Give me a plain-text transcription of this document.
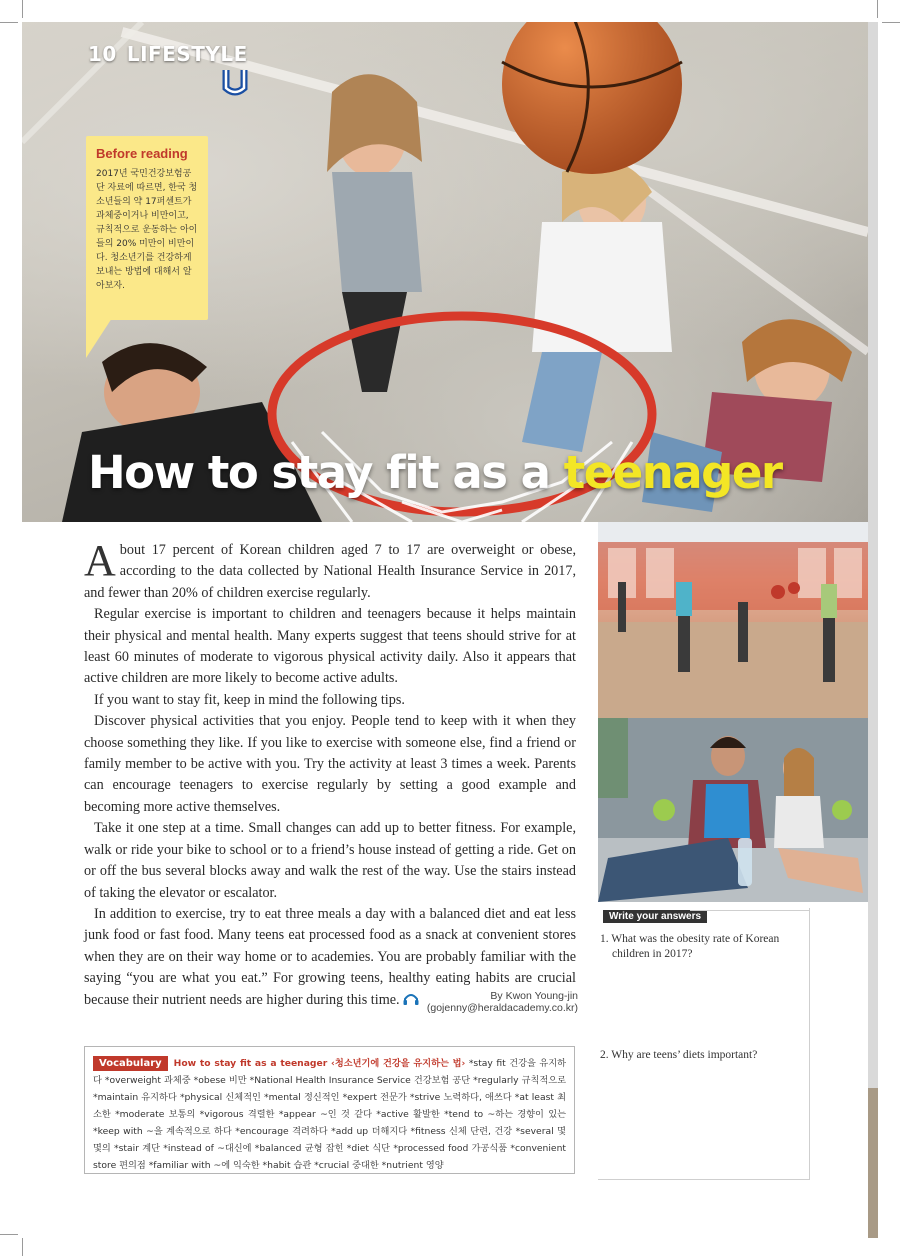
10 LIFESTYLE
Before reading
2017년 국민건강보험공단 자료에 따르면, 한국 청소년들의 약 17퍼센트가 과체중이거나 비만이고, 규칙적으로 운동하는 아이들의 20% 미만이 비만이다. 청소년기를 건강하게 보내는 방법에 대해서 알아보자.
How to stay fit as a teenager

About 17 percent of Korean children aged 7 to 17 are overweight or obese, according to the data collected by National Health Insurance Service in 2017, and fewer than 20% of children exercise regularly.

Regular exercise is important to children and teenagers because it helps maintain their physical and mental health. Many experts suggest that teens should strive for at least 60 minutes of moderate to vigorous physical activity daily. Also it appears that active children are more likely to become active adults.

If you want to stay fit, keep in mind the following tips.

Discover physical activities that you enjoy. People tend to keep with it when they choose something they like. If you like to exercise with someone else, find a friend or family member to be active with you. Try the activity at least 3 times a week. Parents can encourage teenagers to exercise regularly by setting a good example and becoming more active themselves.

Take it one step at a time. Small changes can add up to better fitness. For example, walk or ride your bike to school or to a friend’s house instead of getting a ride. Get on or off the bus several blocks away and walk the rest of the way. Use the stairs instead of taking the elevator or escalator.

In addition to exercise, try to eat three meals a day with a balanced diet and eat less junk food or fast food. Many teens eat processed food as a snack at convenient stores when they are on their way home or to academies. You are probably familiar with the saying “you are what you eat.” For growing teens, healthy eating habits are crucial because their nutrient needs are higher during this time.	By Kwon Young-jin (gojenny@heraldacademy.co.kr)
Vocabulary How to stay fit as a teenager ‹청소년기에 건강을 유지하는 법› *stay fit 건강을 유지하다 *overweight 과체중 *obese 비만 *National Health Insurance Service 건강보험 공단 *regularly 규칙적으로 *maintain 유지하다 *physical 신체적인 *mental 정신적인 *expert 전문가 *strive 노력하다, 애쓰다 *at least 최소한 *moderate 보통의 *vigorous 격렬한 *appear ~인 것 같다 *active 활발한 *tend to ~하는 경향이 있는 *keep with ~을 계속적으로 하다 *encourage 격려하다 *add up 더해지다 *fitness 신체 단련, 건강 *several 몇몇의 *stair 계단 *instead of ~대신에 *balanced 균형 잡힌 *diet 식단 *processed food 가공식품 *convenient store 편의점 *familiar with ~에 익숙한 *habit 습관 *crucial 중대한 *nutrient 영양
Write your answers
1. What was the obesity rate of Korean children in 2017?
2. Why are teens’ diets important?
